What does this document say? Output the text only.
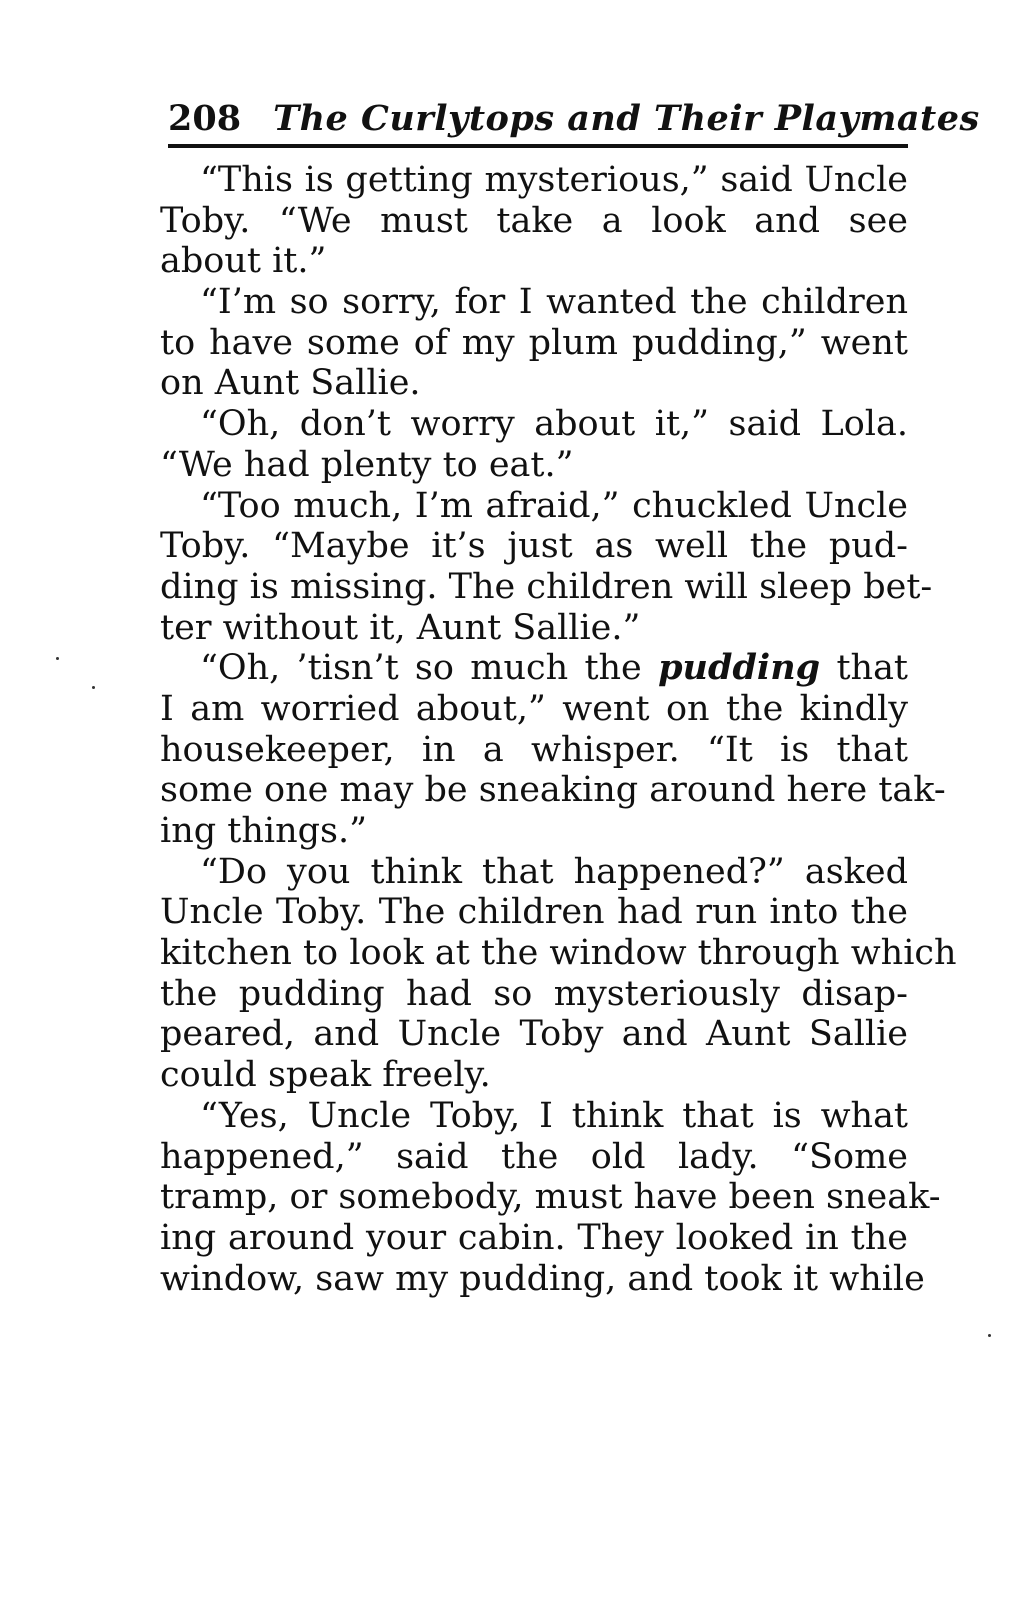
208 The Curlytops and Their Playmates
“This is getting mysterious,” said Uncle
Toby. “We must take a look and see
about it.”
“I’m so sorry, for I wanted the children
to have some of my plum pudding,” went
on Aunt Sallie.
“Oh, don’t worry about it,” said Lola.
“We had plenty to eat.”
“Too much, I’m afraid,” chuckled Uncle
Toby. “Maybe it’s just as well the pud-
ding is missing. The children will sleep bet-
ter without it, Aunt Sallie.”
“Oh, ’tisn’t so much the pudding that
I am worried about,” went on the kindly
housekeeper, in a whisper. “It is that
some one may be sneaking around here tak-
ing things.”
“Do you think that happened?” asked
Uncle Toby. The children had run into the
kitchen to look at the window through which
the pudding had so mysteriously disap-
peared, and Uncle Toby and Aunt Sallie
could speak freely.
“Yes, Uncle Toby, I think that is what
happened,” said the old lady. “Some
tramp, or somebody, must have been sneak-
ing around your cabin. They looked in the
window, saw my pudding, and took it while
